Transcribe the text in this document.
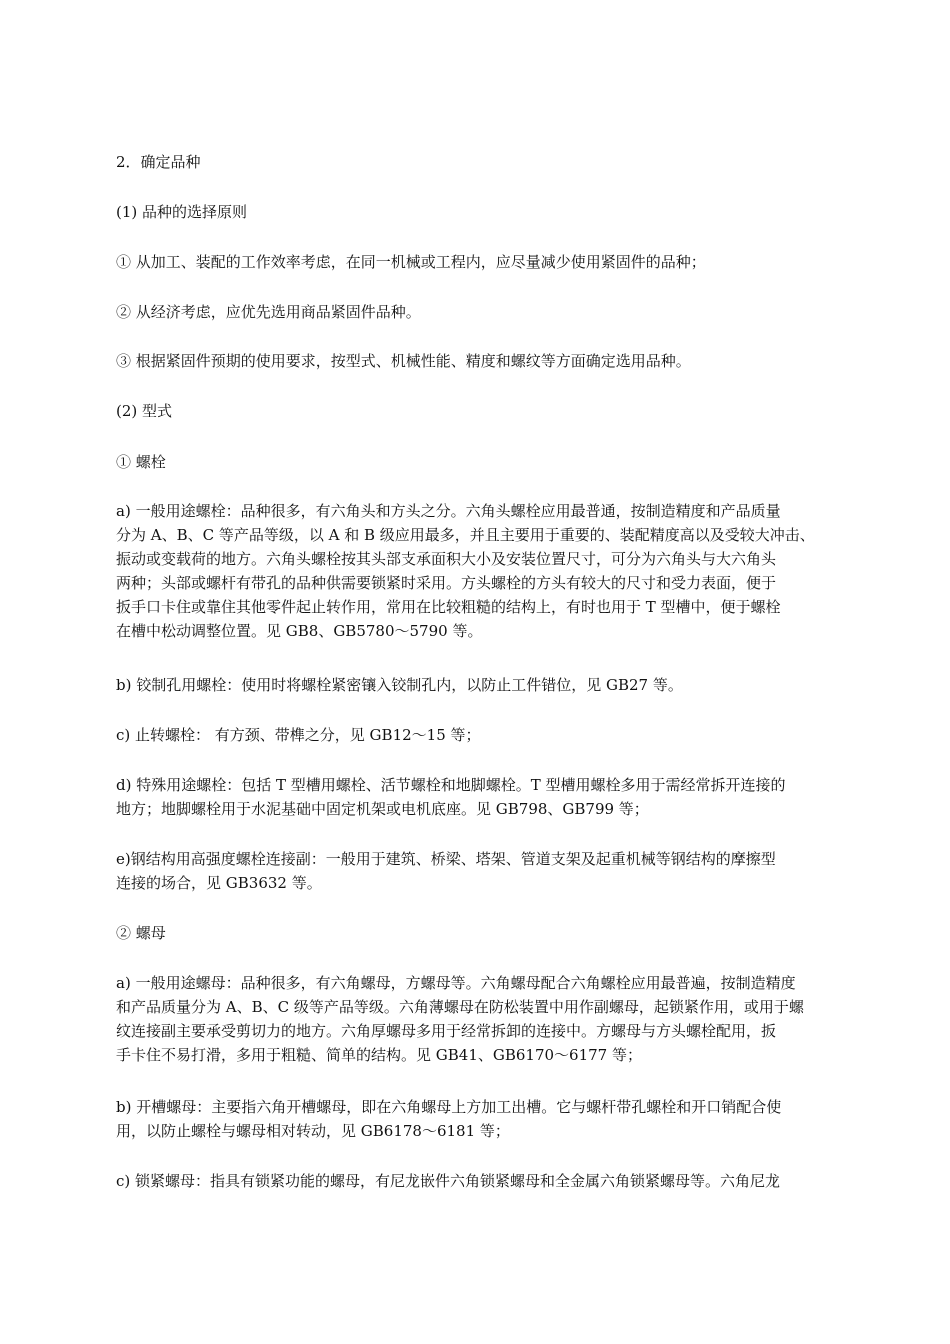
2．确定品种

(1) 品种的选择原则

① 从加工、装配的工作效率考虑，在同一机械或工程内，应尽量减少使用紧固件的品种；

② 从经济考虑，应优先选用商品紧固件品种。

③ 根据紧固件预期的使用要求，按型式、机械性能、精度和螺纹等方面确定选用品种。

(2) 型式

① 螺栓

a) 一般用途螺栓：品种很多，有六角头和方头之分。六角头螺栓应用最普通，按制造精度和产品质量
分为 A、B、C 等产品等级，以 A 和 B 级应用最多，并且主要用于重要的、装配精度高以及受较大冲击、
振动或变载荷的地方。六角头螺栓按其头部支承面积大小及安装位置尺寸，可分为六角头与大六角头
两种；头部或螺杆有带孔的品种供需要锁紧时采用。方头螺栓的方头有较大的尺寸和受力表面，便于
扳手口卡住或靠住其他零件起止转作用，常用在比较粗糙的结构上，有时也用于 T 型槽中，便于螺栓
在槽中松动调整位置。见 GB8、GB5780～5790 等。

b) 铰制孔用螺栓：使用时将螺栓紧密镶入铰制孔内，以防止工件错位，见 GB27 等。

c) 止转螺栓： 有方颈、带榫之分，见 GB12～15 等；

d) 特殊用途螺栓：包括 T 型槽用螺栓、活节螺栓和地脚螺栓。T 型槽用螺栓多用于需经常拆开连接的
地方；地脚螺栓用于水泥基础中固定机架或电机底座。见 GB798、GB799 等；
e)钢结构用高强度螺栓连接副：一般用于建筑、桥梁、塔架、管道支架及起重机械等钢结构的摩擦型
连接的场合，见 GB3632 等。

② 螺母

a) 一般用途螺母：品种很多，有六角螺母，方螺母等。六角螺母配合六角螺栓应用最普遍，按制造精度
和产品质量分为 A、B、C 级等产品等级。六角薄螺母在防松装置中用作副螺母，起锁紧作用，或用于螺
纹连接副主要承受剪切力的地方。六角厚螺母多用于经常拆卸的连接中。方螺母与方头螺栓配用，扳
手卡住不易打滑，多用于粗糙、简单的结构。见 GB41、GB6170～6177 等；
b) 开槽螺母：主要指六角开槽螺母，即在六角螺母上方加工出槽。它与螺杆带孔螺栓和开口销配合使
用，以防止螺栓与螺母相对转动，见 GB6178～6181 等；
c) 锁紧螺母：指具有锁紧功能的螺母，有尼龙嵌件六角锁紧螺母和全金属六角锁紧螺母等。六角尼龙
